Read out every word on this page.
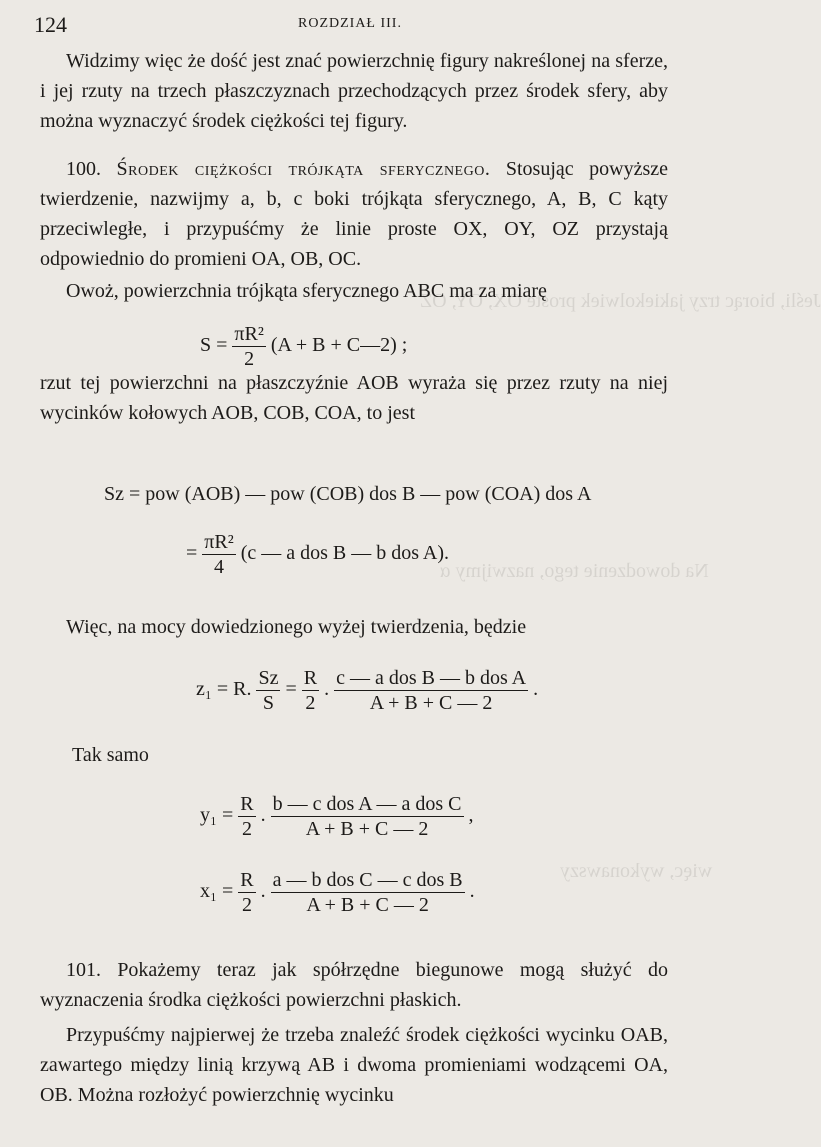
Jeśli, biorąc trzy jakiekolwiek proste OX, OY, OZ
Na dowodzenie tego, nazwijmy α
więc, wykonawszy
124	ROZDZIAŁ III.
Widzimy więc że dość jest znać powierzchnię figury nakreślonej na sferze, i jej rzuty na trzech płaszczyznach przechodzących przez środek sfery, aby można wyznaczyć środek ciężkości tej figury.
100. Środek ciężkości trójkąta sferycznego. Stosując powyższe twierdzenie, nazwijmy a, b, c boki trójkąta sferycznego, A, B, C kąty przeciwległe, i przypuśćmy że linie proste OX, OY, OZ przystają odpowiednio do promieni OA, OB, OC.
Owoż, powierzchnia trójkąta sferycznego ABC ma za miarę
$S = \frac{\text{πR²}}{2} (A + B$ + C—2) ;
rzut tej powierzchni na płaszczyźnie AOB wyraża się przez rzuty na niej wycinków kołowych AOB, COB, COA, to jest
Sz = pow (AOB) — pow (COB) dos B — pow (COA) dos A
= $\frac{\text{πR²}}{4} (c$ — a dos B — b dos A).
Więc, na mocy dowiedzionego wyżej twierdzenia, będzie
z₁ = R. $\frac{Sz}{S} = \frac{R}{2}$ . $\frac{\text{c — a dos B — b dos A}}{A + B + C — 2}$ .
Tak samo
$y_1 = \frac{R}{2}$ . $\frac{\text{b — c dos A — a dos C}}{A + B + C — 2}$ ,
$x_1 = \frac{R}{2}$ . $\frac{\text{a — b dos C — c dos B}}{A + B + C — 2}$ .
101. Pokażemy teraz jak spółrzędne biegunowe mogą służyć do wyznaczenia środka ciężkości powierzchni płaskich.
Przypuśćmy najpierwej że trzeba znaleźć środek ciężkości wycinku OAB, zawartego między linią krzywą AB i dwoma promieniami wodzącemi OA, OB. Można rozłożyć powierzchnię wycinku
